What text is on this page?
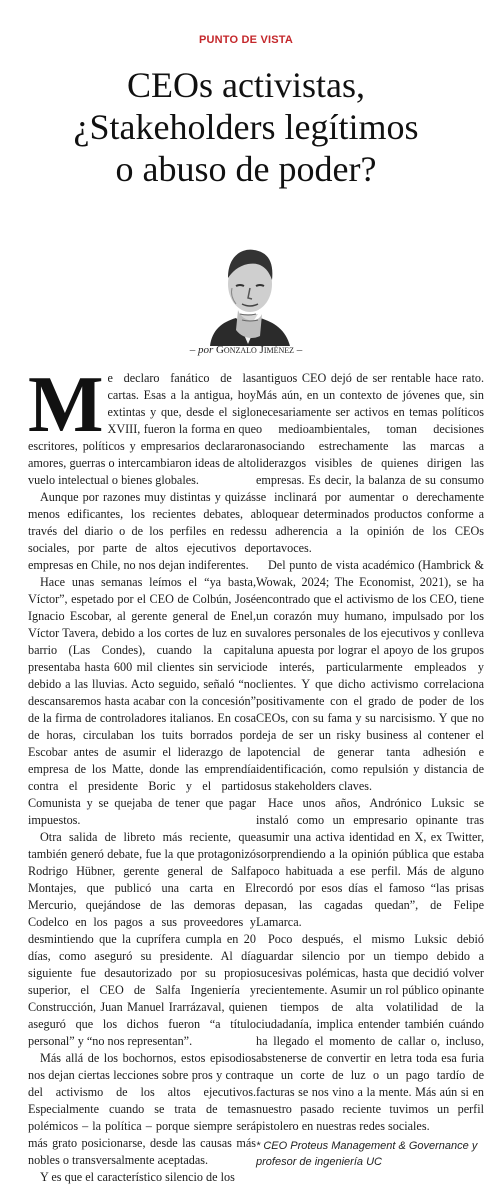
PUNTO DE VISTA
CEOs activistas,
¿Stakeholders legítimos
o abuso de poder?
– por Gonzalo Jiménez –

Me declaro fanático de las cartas. Esas a la antigua, hoy extintas y que, desde el siglo XVIII, fueron la forma en que escritores, políticos y empresarios declararon amores, guerras o intercambiaron ideas de alto vuelo intelectual o bienes globales.

Aunque por razones muy distintas y quizás menos edificantes, los recientes debates, a través del diario o de los perfiles en redes sociales, por parte de altos ejecutivos de empresas en Chile, no nos dejan indiferentes.

Hace unas semanas leímos el “ya basta, Víctor”, espetado por el CEO de Colbún, José Ignacio Escobar, al gerente general de Enel, Víctor Tavera, debido a los cortes de luz en su barrio (Las Condes), cuando la capital presentaba hasta 600 mil clientes sin servicio debido a las lluvias. Acto seguido, señaló “no descansaremos hasta acabar con la concesión” de la firma de controladores italianos. En cosa de horas, circulaban los tuits borrados por Escobar antes de asumir el liderazgo de la empresa de los Matte, donde las emprendía contra el presidente Boric y el partido Comunista y se quejaba de tener que pagar impuestos.

Otra salida de libreto más reciente, que también generó debate, fue la que protagonizó Rodrigo Hübner, gerente general de Salfa Montajes, que publicó una carta en El Mercurio, quejándose de las demoras de Codelco en los pagos a sus proveedores y desmintiendo que la cuprífera cumpla en 20 días, como aseguró su presidente. Al día siguiente fue desautorizado por su propio superior, el CEO de Salfa Ingeniería y Construcción, Juan Manuel Irarrázaval, quien aseguró que los dichos fueron “a título personal” y “no nos representan”.

Más allá de los bochornos, estos episodios nos dejan ciertas lecciones sobre pros y contra del activismo de los altos ejecutivos. Especialmente cuando se trata de temas polémicos – la política – porque siempre será más grato posicionarse, desde las causas más nobles o transversalmente aceptadas.

Y es que el característico silencio de los

antiguos CEO dejó de ser rentable hace rato. Más aún, en un contexto de jóvenes que, sin necesariamente ser activos en temas políticos o medioambientales, toman decisiones asociando estrechamente las marcas a liderazgos visibles de quienes dirigen las empresas. Es decir, la balanza de su consumo se inclinará por aumentar o derechamente bloquear determinados productos conforme a su adherencia a la opinión de los CEOs portavoces.

Del punto de vista académico (Hambrick & Wowak, 2024; The Economist, 2021), se ha encontrado que el activismo de los CEO, tiene un corazón muy humano, impulsado por los valores personales de los ejecutivos y conlleva una apuesta por lograr el apoyo de los grupos de interés, particularmente empleados y clientes. Y que dicho activismo correlaciona positivamente con el grado de poder de los CEOs, con su fama y su narcisismo. Y que no deja de ser un risky business al contener el potencial de generar tanta adhesión e identificación, como repulsión y distancia de sus stakeholders claves.

Hace unos años, Andrónico Luksic se instaló como un empresario opinante tras asumir una activa identidad en X, ex Twitter, sorprendiendo a la opinión pública que estaba poco habituada a ese perfil. Más de alguno recordó por esos días el famoso “las prisas pasan, las cagadas quedan”, de Felipe Lamarca.

Poco después, el mismo Luksic debió guardar silencio por un tiempo debido a sucesivas polémicas, hasta que decidió volver recientemente. Asumir un rol público opinante en tiempos de alta volatilidad de la ciudadanía, implica entender también cuándo ha llegado el momento de callar o, incluso, abstenerse de convertir en letra toda esa furia que un corte de luz o un pago tardío de facturas se nos vino a la mente. Más aún si en nuestro pasado reciente tuvimos un perfil pistolero en nuestras redes sociales.

* CEO Proteus Management & Governance y profesor de ingeniería UC
